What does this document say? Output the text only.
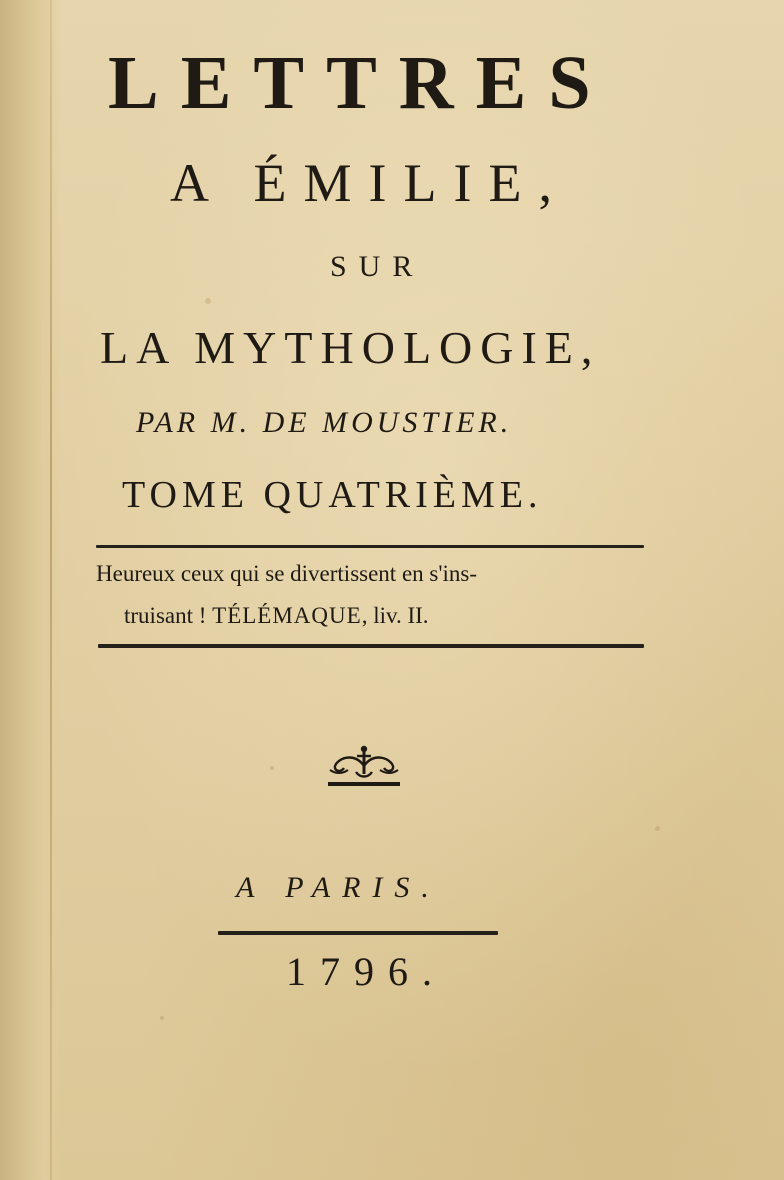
LETTRES
A ÉMILIE,
SUR
LA MYTHOLOGIE,
PAR M. DE MOUSTIER.
TOME QUATRIÈME.
Heureux ceux qui se divertissent en s'ins-
truisant ! TÉLÉMAQUE, liv. II.
A PARIS.
1796.
